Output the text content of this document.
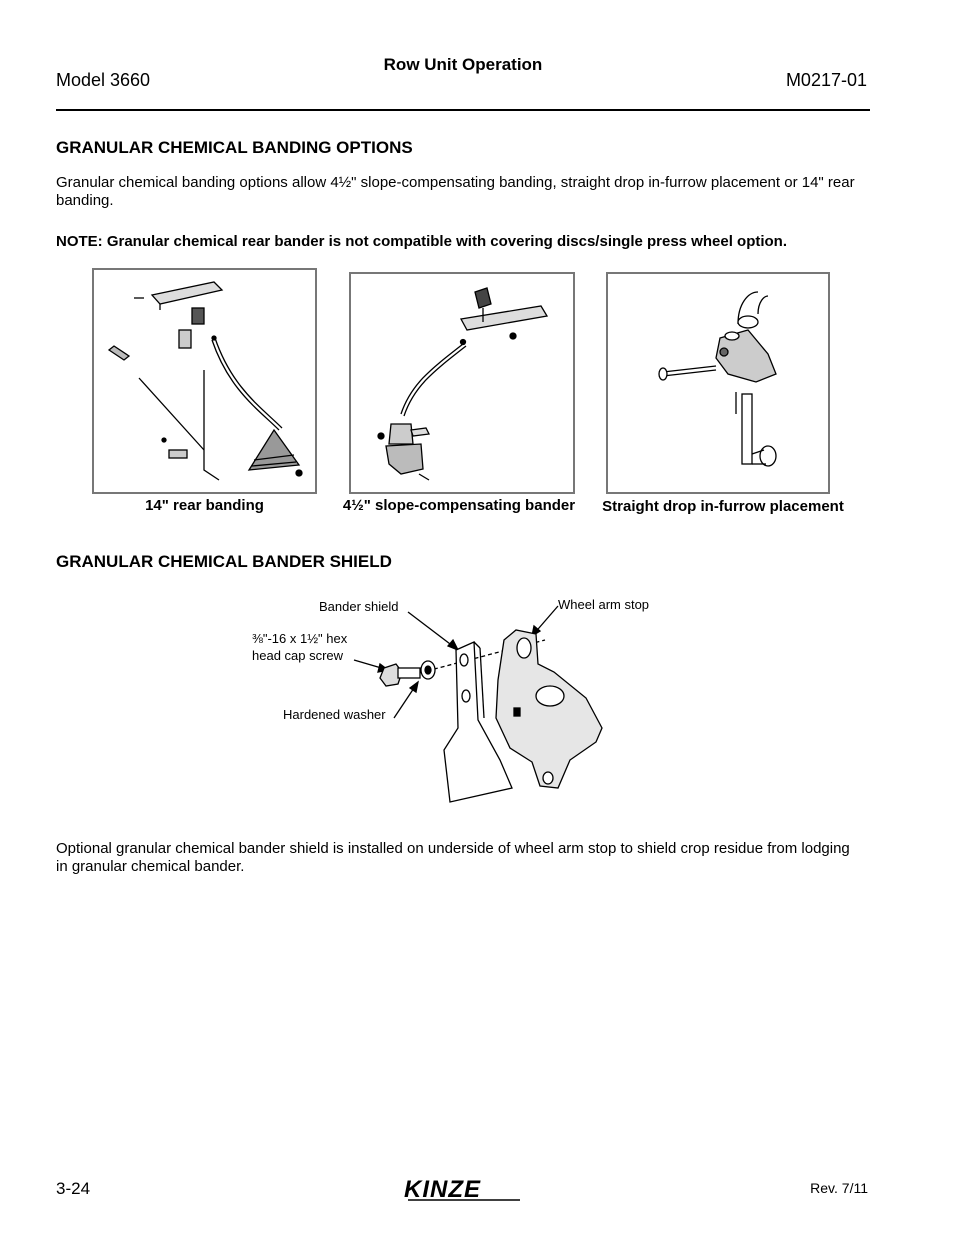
Model 3660
Row Unit Operation
M0217-01
GRANULAR CHEMICAL BANDING OPTIONS
Granular chemical banding options allow 4½" slope-compensating banding, straight drop in-furrow placement or 14" rear banding.
NOTE: Granular chemical rear bander is not compatible with covering discs/single press wheel option.
14" rear banding	4½" slope-compensating bander	Straight drop in-furrow placement
GRANULAR CHEMICAL BANDER SHIELD
Bander shield	Wheel arm stop
⅜"-16 x 1½" hex
head cap screw
Hardened washer
Optional granular chemical bander shield is installed on underside of wheel arm stop to shield crop residue from lodging in granular chemical bander.
3-24	KINZE	Rev. 7/11
